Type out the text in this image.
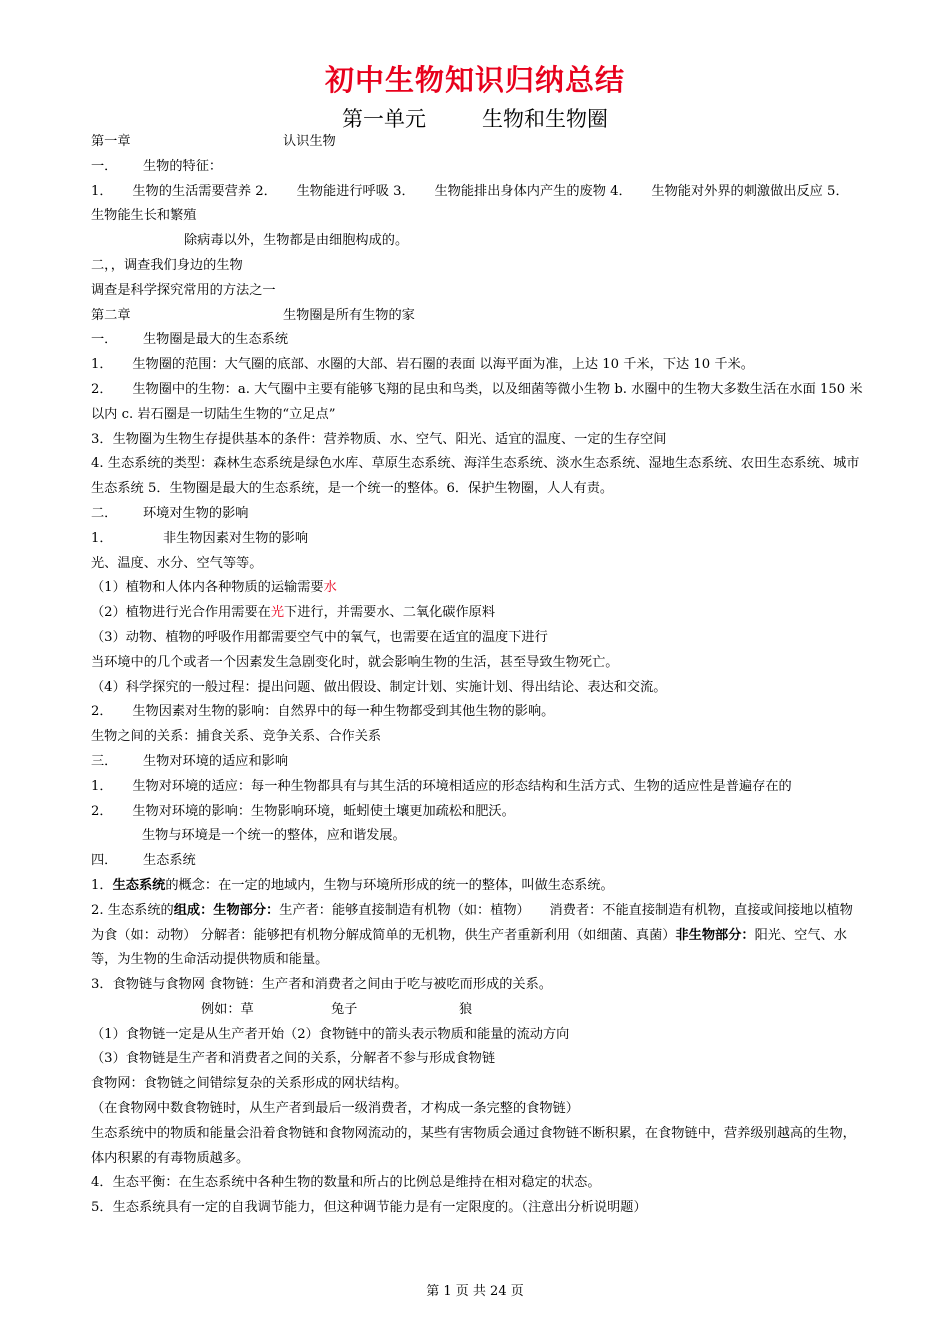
初中生物知识归纳总结
第一单元	生物和生物圈

第一章	认识生物

一． 生物的特征：

1．　　生物的生活需要营养 2．　　生物能进行呼吸 3．　　生物能排出身体内产生的废物 4．　　生物能对外界的刺激做出反应 5．　　生物能生长和繁殖

除病毒以外，生物都是由细胞构成的。

二，，调查我们身边的生物

调查是科学探究常用的方法之一

第二章	生物圈是所有生物的家

一． 生物圈是最大的生态系统

1．　　生物圈的范围：大气圈的底部、水圈的大部、岩石圈的表面 以海平面为准，上达 10 千米，下达 10 千米。

2．　　生物圈中的生物：a. 大气圈中主要有能够飞翔的昆虫和鸟类，以及细菌等微小生物 b. 水圈中的生物大多数生活在水面 150 米以内 c. 岩石圈是一切陆生生物的“立足点”

3．生物圈为生物生存提供基本的条件：营养物质、水、空气、阳光、适宜的温度、一定的生存空间

4. 生态系统的类型：森林生态系统是绿色水库、草原生态系统、海洋生态系统、淡水生态系统、湿地生态系统、农田生态系统、城市生态系统 5．生物圈是最大的生态系统，是一个统一的整体。6．保护生物圈，人人有责。

二． 环境对生物的影响

1．	非生物因素对生物的影响

光、温度、水分、空气等等。

（1）植物和人体内各种物质的运输需要水

（2）植物进行光合作用需要在光下进行，并需要水、二氧化碳作原料

（3）动物、植物的呼吸作用都需要空气中的氧气，也需要在适宜的温度下进行

当环境中的几个或者一个因素发生急剧变化时，就会影响生物的生活，甚至导致生物死亡。

（4）科学探究的一般过程：提出问题、做出假设、制定计划、实施计划、得出结论、表达和交流。

2．　　生物因素对生物的影响：自然界中的每一种生物都受到其他生物的影响。

生物之间的关系：捕食关系、竞争关系、合作关系

三． 生物对环境的适应和影响

1．　　生物对环境的适应：每一种生物都具有与其生活的环境相适应的形态结构和生活方式、生物的适应性是普遍存在的

2．　　生物对环境的影响：生物影响环境，蚯蚓使土壤更加疏松和肥沃。

生物与环境是一个统一的整体，应和谐发展。

四． 生态系统

1．生态系统的概念：在一定的地域内，生物与环境所形成的统一的整体，叫做生态系统。

2. 生态系统的组成：生物部分：生产者：能够直接制造有机物（如：植物）　　消费者：不能直接制造有机物，直接或间接地以植物为食（如：动物） 分解者：能够把有机物分解成简单的无机物，供生产者重新利用（如细菌、真菌）非生物部分：阳光、空气、水等，为生物的生命活动提供物质和能量。

3．食物链与食物网 食物链：生产者和消费者之间由于吃与被吃而形成的关系。

例如：草	兔子	狼

（1）食物链一定是从生产者开始（2）食物链中的箭头表示物质和能量的流动方向

（3）食物链是生产者和消费者之间的关系，分解者不参与形成食物链

食物网：食物链之间错综复杂的关系形成的网状结构。

（在食物网中数食物链时，从生产者到最后一级消费者，才构成一条完整的食物链）

生态系统中的物质和能量会沿着食物链和食物网流动的，某些有害物质会通过食物链不断积累，在食物链中，营养级别越高的生物，体内积累的有毒物质越多。

4．生态平衡：在生态系统中各种生物的数量和所占的比例总是维持在相对稳定的状态。

5．生态系统具有一定的自我调节能力，但这种调节能力是有一定限度的。（注意出分析说明题）

第 1 页 共 24 页
